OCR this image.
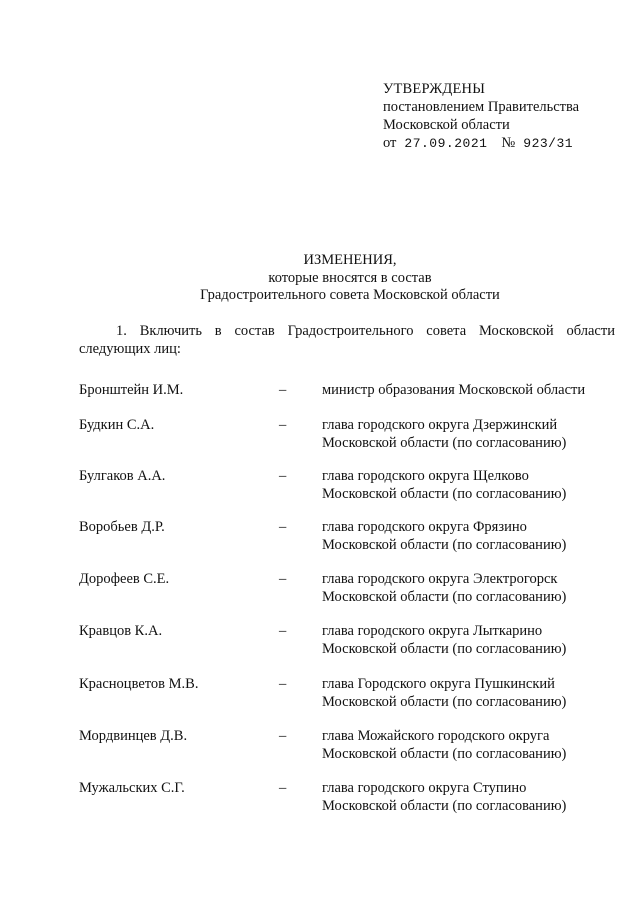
УТВЕРЖДЕНЫ
постановлением Правительства
Московской области
от 27.09.2021 № 923/31
ИЗМЕНЕНИЯ,
которые вносятся в состав
Градостроительного совета Московской области
1. Включить в состав Градостроительного совета Московской области
следующих лиц:
Бронштейн И.М.	– министр образования Московской области
Будкин С.А.	– глава городского округа Дзержинский
Московской области (по согласованию)
Булгаков А.А.	– глава городского округа Щелково
Московской области (по согласованию)
Воробьев Д.Р.	– глава городского округа Фрязино
Московской области (по согласованию)
Дорофеев С.Е.	– глава городского округа Электрогорск
Московской области (по согласованию)
Кравцов К.А.	– глава городского округа Лыткарино
Московской области (по согласованию)
Красноцветов М.В.	– глава Городского округа Пушкинский
Московской области (по согласованию)
Мордвинцев Д.В.	– глава Можайского городского округа
Московской области (по согласованию)
Мужальских С.Г.	– глава городского округа Ступино
Московской области (по согласованию)
